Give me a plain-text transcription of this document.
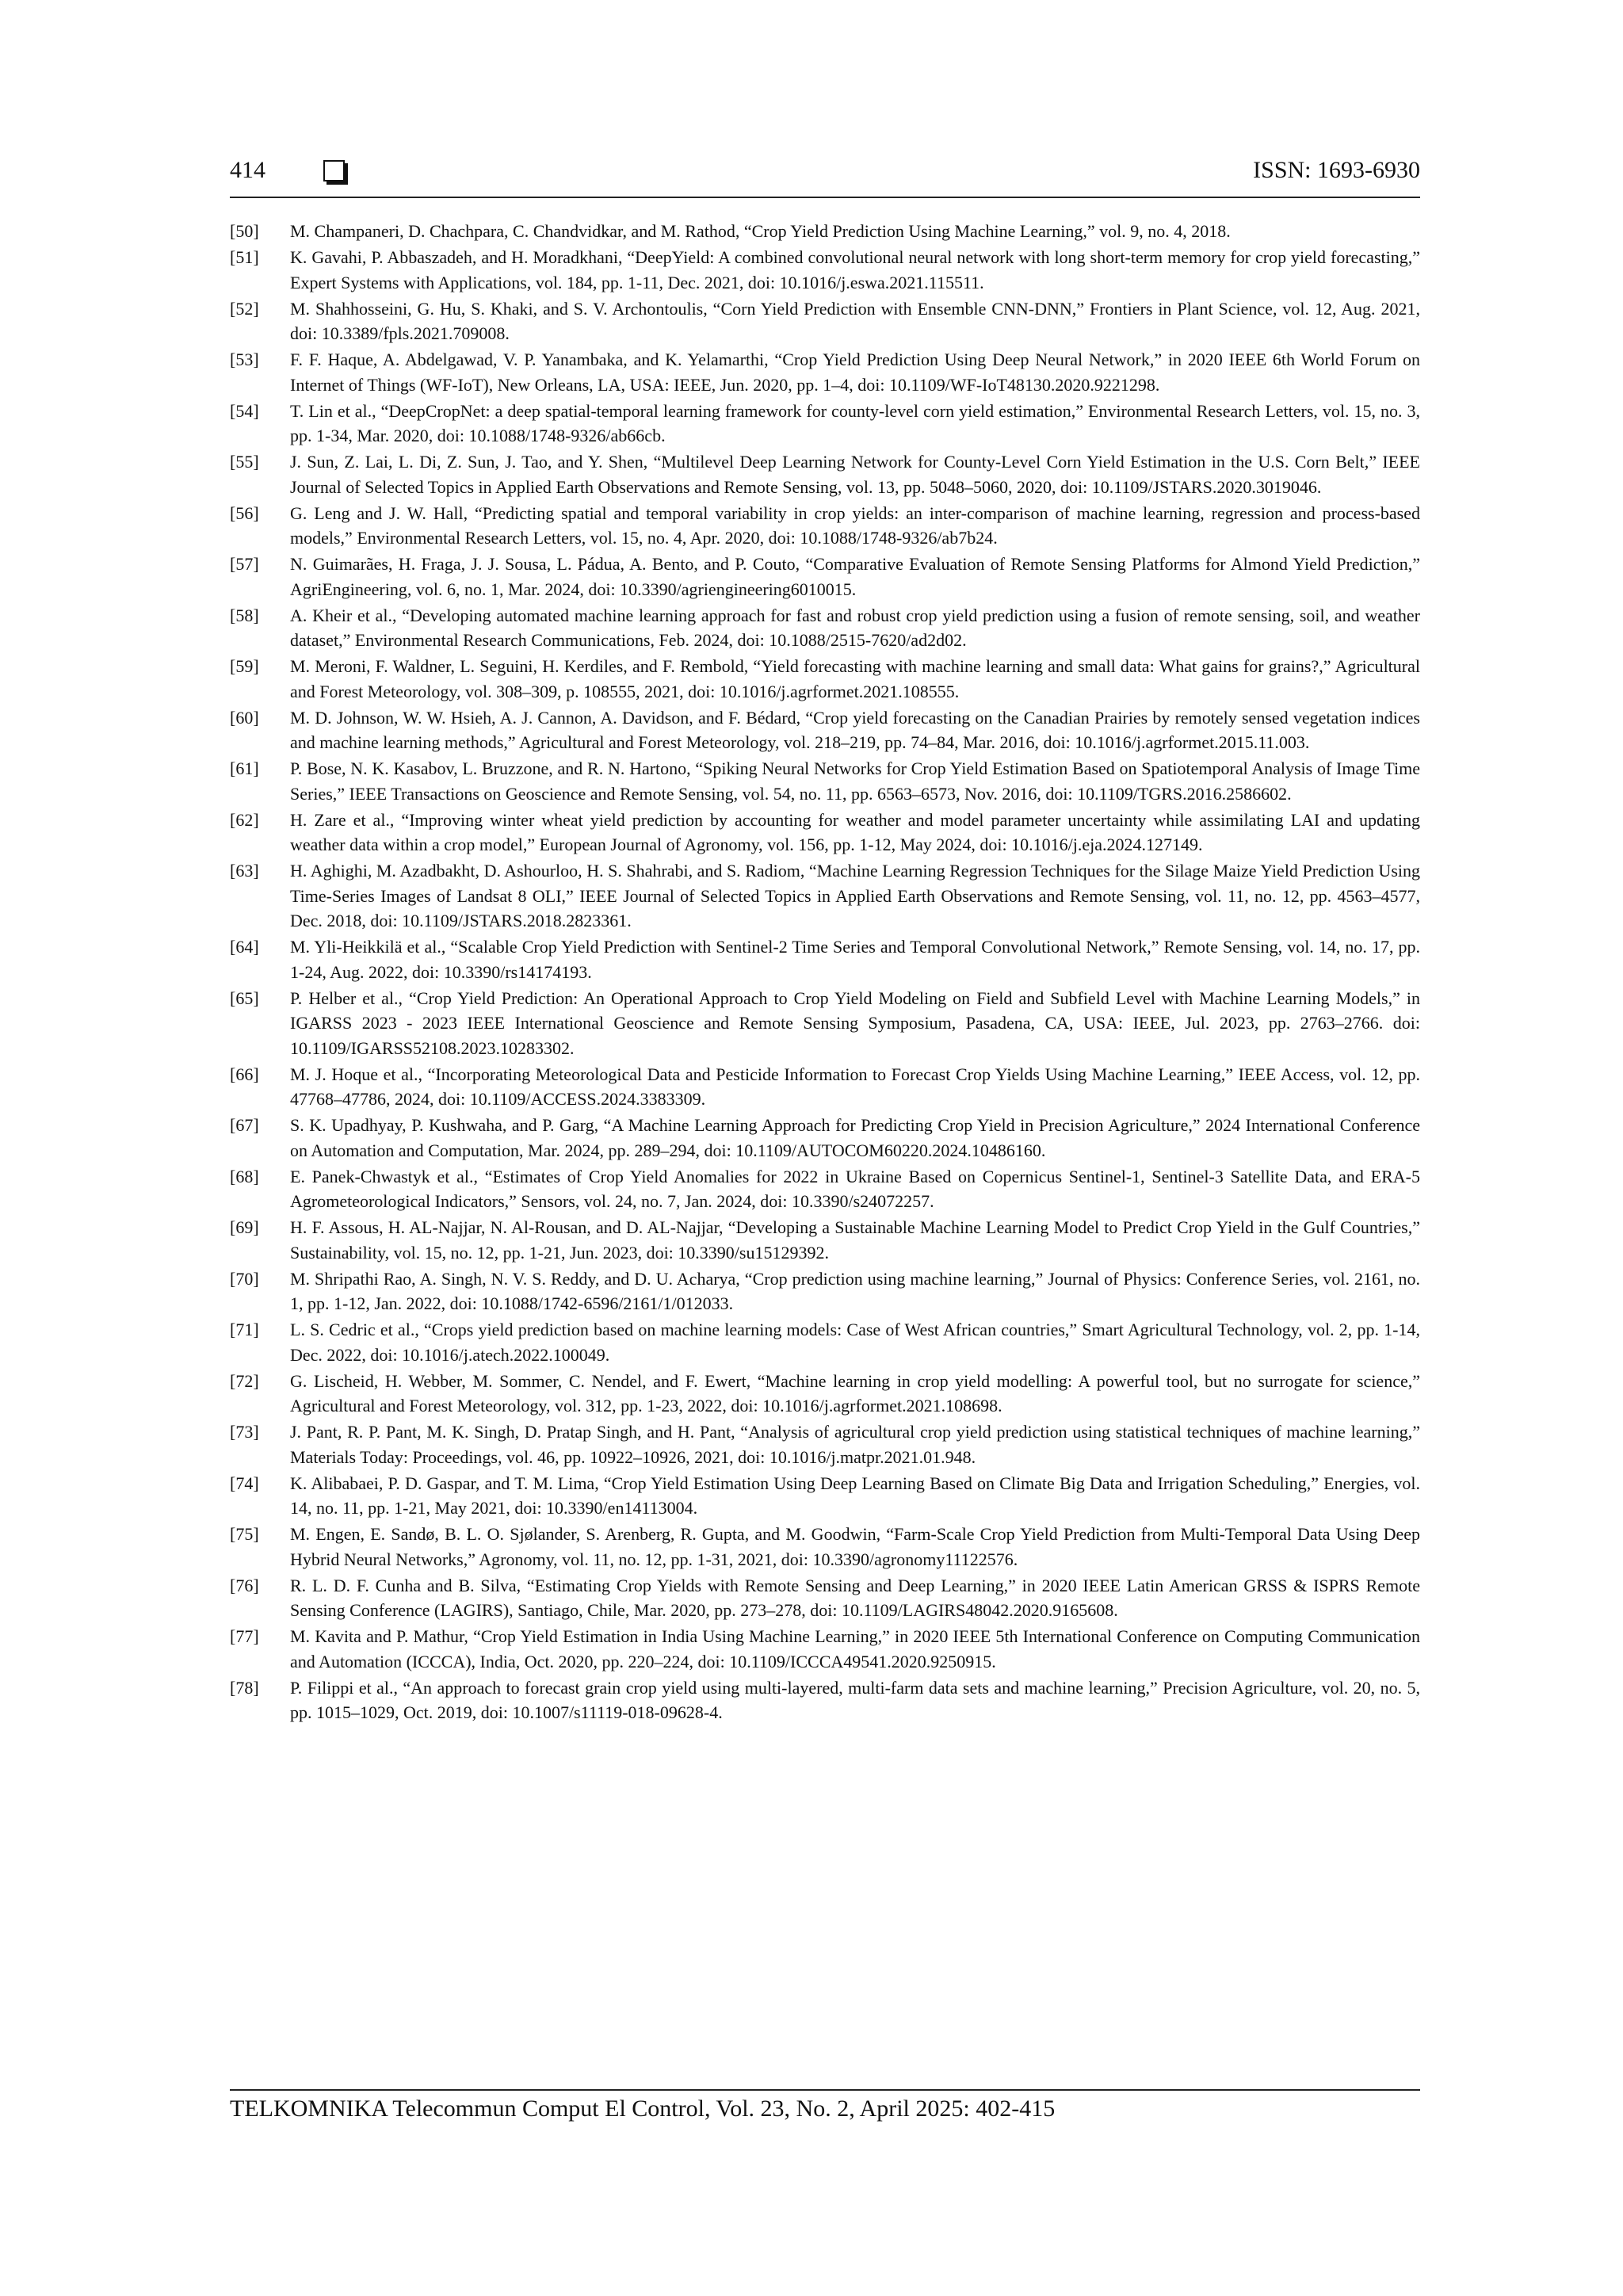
414	ISSN: 1693-6930
[50]	M. Champaneri, D. Chachpara, C. Chandvidkar, and M. Rathod, “Crop Yield Prediction Using Machine Learning,” vol. 9, no. 4, 2018.
[51]	K. Gavahi, P. Abbaszadeh, and H. Moradkhani, “DeepYield: A combined convolutional neural network with long short-term memory for crop yield forecasting,” Expert Systems with Applications, vol. 184, pp. 1-11, Dec. 2021, doi: 10.1016/j.eswa.2021.115511.
[52]	M. Shahhosseini, G. Hu, S. Khaki, and S. V. Archontoulis, “Corn Yield Prediction with Ensemble CNN-DNN,” Frontiers in Plant Science, vol. 12, Aug. 2021, doi: 10.3389/fpls.2021.709008.
[53]	F. F. Haque, A. Abdelgawad, V. P. Yanambaka, and K. Yelamarthi, “Crop Yield Prediction Using Deep Neural Network,” in 2020 IEEE 6th World Forum on Internet of Things (WF-IoT), New Orleans, LA, USA: IEEE, Jun. 2020, pp. 1–4, doi: 10.1109/WF-IoT48130.2020.9221298.
[54]	T. Lin et al., “DeepCropNet: a deep spatial-temporal learning framework for county-level corn yield estimation,” Environmental Research Letters, vol. 15, no. 3, pp. 1-34, Mar. 2020, doi: 10.1088/1748-9326/ab66cb.
[55]	J. Sun, Z. Lai, L. Di, Z. Sun, J. Tao, and Y. Shen, “Multilevel Deep Learning Network for County-Level Corn Yield Estimation in the U.S. Corn Belt,” IEEE Journal of Selected Topics in Applied Earth Observations and Remote Sensing, vol. 13, pp. 5048–5060, 2020, doi: 10.1109/JSTARS.2020.3019046.
[56]	G. Leng and J. W. Hall, “Predicting spatial and temporal variability in crop yields: an inter-comparison of machine learning, regression and process-based models,” Environmental Research Letters, vol. 15, no. 4, Apr. 2020, doi: 10.1088/1748-9326/ab7b24.
[57]	N. Guimarães, H. Fraga, J. J. Sousa, L. Pádua, A. Bento, and P. Couto, “Comparative Evaluation of Remote Sensing Platforms for Almond Yield Prediction,” AgriEngineering, vol. 6, no. 1, Mar. 2024, doi: 10.3390/agriengineering6010015.
[58]	A. Kheir et al., “Developing automated machine learning approach for fast and robust crop yield prediction using a fusion of remote sensing, soil, and weather dataset,” Environmental Research Communications, Feb. 2024, doi: 10.1088/2515-7620/ad2d02.
[59]	M. Meroni, F. Waldner, L. Seguini, H. Kerdiles, and F. Rembold, “Yield forecasting with machine learning and small data: What gains for grains?,” Agricultural and Forest Meteorology, vol. 308–309, p. 108555, 2021, doi: 10.1016/j.agrformet.2021.108555.
[60]	M. D. Johnson, W. W. Hsieh, A. J. Cannon, A. Davidson, and F. Bédard, “Crop yield forecasting on the Canadian Prairies by remotely sensed vegetation indices and machine learning methods,” Agricultural and Forest Meteorology, vol. 218–219, pp. 74–84, Mar. 2016, doi: 10.1016/j.agrformet.2015.11.003.
[61]	P. Bose, N. K. Kasabov, L. Bruzzone, and R. N. Hartono, “Spiking Neural Networks for Crop Yield Estimation Based on Spatiotemporal Analysis of Image Time Series,” IEEE Transactions on Geoscience and Remote Sensing, vol. 54, no. 11, pp. 6563–6573, Nov. 2016, doi: 10.1109/TGRS.2016.2586602.
[62]	H. Zare et al., “Improving winter wheat yield prediction by accounting for weather and model parameter uncertainty while assimilating LAI and updating weather data within a crop model,” European Journal of Agronomy, vol. 156, pp. 1-12, May 2024, doi: 10.1016/j.eja.2024.127149.
[63]	H. Aghighi, M. Azadbakht, D. Ashourloo, H. S. Shahrabi, and S. Radiom, “Machine Learning Regression Techniques for the Silage Maize Yield Prediction Using Time-Series Images of Landsat 8 OLI,” IEEE Journal of Selected Topics in Applied Earth Observations and Remote Sensing, vol. 11, no. 12, pp. 4563–4577, Dec. 2018, doi: 10.1109/JSTARS.2018.2823361.
[64]	M. Yli-Heikkilä et al., “Scalable Crop Yield Prediction with Sentinel-2 Time Series and Temporal Convolutional Network,” Remote Sensing, vol. 14, no. 17, pp. 1-24, Aug. 2022, doi: 10.3390/rs14174193.
[65]	P. Helber et al., “Crop Yield Prediction: An Operational Approach to Crop Yield Modeling on Field and Subfield Level with Machine Learning Models,” in IGARSS 2023 - 2023 IEEE International Geoscience and Remote Sensing Symposium, Pasadena, CA, USA: IEEE, Jul. 2023, pp. 2763–2766. doi: 10.1109/IGARSS52108.2023.10283302.
[66]	M. J. Hoque et al., “Incorporating Meteorological Data and Pesticide Information to Forecast Crop Yields Using Machine Learning,” IEEE Access, vol. 12, pp. 47768–47786, 2024, doi: 10.1109/ACCESS.2024.3383309.
[67]	S. K. Upadhyay, P. Kushwaha, and P. Garg, “A Machine Learning Approach for Predicting Crop Yield in Precision Agriculture,” 2024 International Conference on Automation and Computation, Mar. 2024, pp. 289–294, doi: 10.1109/AUTOCOM60220.2024.10486160.
[68]	E. Panek-Chwastyk et al., “Estimates of Crop Yield Anomalies for 2022 in Ukraine Based on Copernicus Sentinel-1, Sentinel-3 Satellite Data, and ERA-5 Agrometeorological Indicators,” Sensors, vol. 24, no. 7, Jan. 2024, doi: 10.3390/s24072257.
[69]	H. F. Assous, H. AL-Najjar, N. Al-Rousan, and D. AL-Najjar, “Developing a Sustainable Machine Learning Model to Predict Crop Yield in the Gulf Countries,” Sustainability, vol. 15, no. 12, pp. 1-21, Jun. 2023, doi: 10.3390/su15129392.
[70]	M. Shripathi Rao, A. Singh, N. V. S. Reddy, and D. U. Acharya, “Crop prediction using machine learning,” Journal of Physics: Conference Series, vol. 2161, no. 1, pp. 1-12, Jan. 2022, doi: 10.1088/1742-6596/2161/1/012033.
[71]	L. S. Cedric et al., “Crops yield prediction based on machine learning models: Case of West African countries,” Smart Agricultural Technology, vol. 2, pp. 1-14, Dec. 2022, doi: 10.1016/j.atech.2022.100049.
[72]	G. Lischeid, H. Webber, M. Sommer, C. Nendel, and F. Ewert, “Machine learning in crop yield modelling: A powerful tool, but no surrogate for science,” Agricultural and Forest Meteorology, vol. 312, pp. 1-23, 2022, doi: 10.1016/j.agrformet.2021.108698.
[73]	J. Pant, R. P. Pant, M. K. Singh, D. Pratap Singh, and H. Pant, “Analysis of agricultural crop yield prediction using statistical techniques of machine learning,” Materials Today: Proceedings, vol. 46, pp. 10922–10926, 2021, doi: 10.1016/j.matpr.2021.01.948.
[74]	K. Alibabaei, P. D. Gaspar, and T. M. Lima, “Crop Yield Estimation Using Deep Learning Based on Climate Big Data and Irrigation Scheduling,” Energies, vol. 14, no. 11, pp. 1-21, May 2021, doi: 10.3390/en14113004.
[75]	M. Engen, E. Sandø, B. L. O. Sjølander, S. Arenberg, R. Gupta, and M. Goodwin, “Farm-Scale Crop Yield Prediction from Multi-Temporal Data Using Deep Hybrid Neural Networks,” Agronomy, vol. 11, no. 12, pp. 1-31, 2021, doi: 10.3390/agronomy11122576.
[76]	R. L. D. F. Cunha and B. Silva, “Estimating Crop Yields with Remote Sensing and Deep Learning,” in 2020 IEEE Latin American GRSS & ISPRS Remote Sensing Conference (LAGIRS), Santiago, Chile, Mar. 2020, pp. 273–278, doi: 10.1109/LAGIRS48042.2020.9165608.
[77]	M. Kavita and P. Mathur, “Crop Yield Estimation in India Using Machine Learning,” in 2020 IEEE 5th International Conference on Computing Communication and Automation (ICCCA), India, Oct. 2020, pp. 220–224, doi: 10.1109/ICCCA49541.2020.9250915.
[78]	P. Filippi et al., “An approach to forecast grain crop yield using multi-layered, multi-farm data sets and machine learning,” Precision Agriculture, vol. 20, no. 5, pp. 1015–1029, Oct. 2019, doi: 10.1007/s11119-018-09628-4.
TELKOMNIKA Telecommun Comput El Control, Vol. 23, No. 2, April 2025: 402-415
